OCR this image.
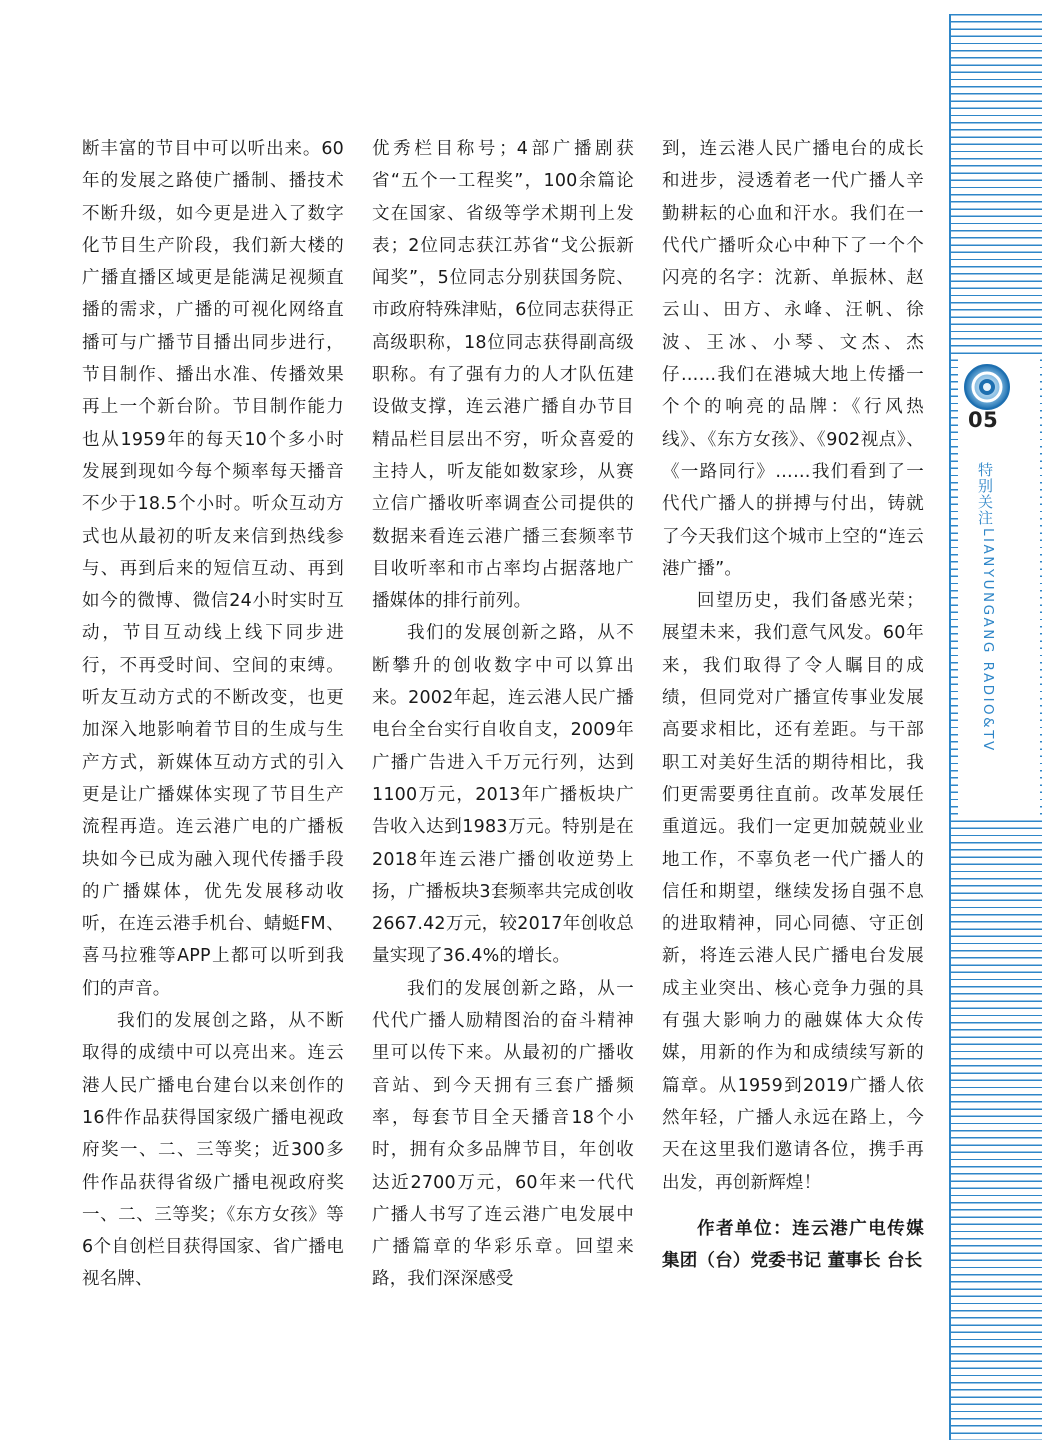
断丰富的节目中可以听出来。60年的发展之路使广播制、播技术不断升级，如今更是进入了数字化节目生产阶段，我们新大楼的广播直播区域更是能满足视频直播的需求，广播的可视化网络直播可与广播节目播出同步进行，节目制作、播出水准、传播效果再上一个新台阶。节目制作能力也从1959年的每天10个多小时发展到现如今每个频率每天播音不少于18.5个小时。听众互动方式也从最初的听友来信到热线参与、再到后来的短信互动、再到如今的微博、微信24小时实时互动，节目互动线上线下同步进行，不再受时间、空间的束缚。听友互动方式的不断改变，也更加深入地影响着节目的生成与生产方式，新媒体互动方式的引入更是让广播媒体实现了节目生产流程再造。连云港广电的广播板块如今已成为融入现代传播手段的广播媒体，优先发展移动收听，在连云港手机台、蜻蜓FM、喜马拉雅等APP上都可以听到我们的声音。

我们的发展创之路，从不断取得的成绩中可以亮出来。连云港人民广播电台建台以来创作的16件作品获得国家级广播电视政府奖一、二、三等奖；近300多件作品获得省级广播电视政府奖一、二、三等奖；《东方女孩》等6个自创栏目获得国家、省广播电视名牌、

优秀栏目称号；4部广播剧获省“五个一工程奖”，100余篇论文在国家、省级等学术期刊上发表；2位同志获江苏省“戈公振新闻奖”，5位同志分别获国务院、市政府特殊津贴，6位同志获得正高级职称，18位同志获得副高级职称。有了强有力的人才队伍建设做支撑，连云港广播自办节目精品栏目层出不穷，听众喜爱的主持人，听友能如数家珍，从赛立信广播收听率调查公司提供的数据来看连云港广播三套频率节目收听率和市占率均占据落地广播媒体的排行前列。

我们的发展创新之路，从不断攀升的创收数字中可以算出来。2002年起，连云港人民广播电台全台实行自收自支，2009年广播广告进入千万元行列，达到1100万元，2013年广播板块广告收入达到1983万元。特别是在2018年连云港广播创收逆势上扬，广播板块3套频率共完成创收2667.42万元，较2017年创收总量实现了36.4%的增长。

我们的发展创新之路，从一代代广播人励精图治的奋斗精神里可以传下来。从最初的广播收音站、到今天拥有三套广播频率，每套节目全天播音18个小时，拥有众多品牌节目，年创收达近2700万元，60年来一代代广播人书写了连云港广电发展中广播篇章的华彩乐章。回望来路，我们深深感受

到，连云港人民广播电台的成长和进步，浸透着老一代广播人辛勤耕耘的心血和汗水。我们在一代代广播听众心中种下了一个个闪亮的名字：沈新、单振林、赵云山、田方、永峰、汪帆、徐波、王冰、小琴、文杰、杰仔……我们在港城大地上传播一个个的响亮的品牌：《行风热线》、《东方女孩》、《902视点》、《一路同行》……我们看到了一代代广播人的拼搏与付出，铸就了今天我们这个城市上空的“连云港广播”。

回望历史，我们备感光荣；展望未来，我们意气风发。60年来，我们取得了令人瞩目的成绩，但同党对广播宣传事业发展高要求相比，还有差距。与干部职工对美好生活的期待相比，我们更需要勇往直前。改革发展任重道远。我们一定更加兢兢业业地工作，不辜负老一代广播人的信任和期望，继续发扬自强不息的进取精神，同心同德、守正创新，将连云港人民广播电台发展成主业突出、核心竞争力强的具有强大影响力的融媒体大众传媒，用新的作为和成绩续写新的篇章。从1959到2019广播人依然年轻，广播人永远在路上，今天在这里我们邀请各位，携手再出发，再创新辉煌！

作者单位：连云港广电传媒集团（台）党委书记 董事长 台长

05
特别关注
LIANYUNGANG RADIO&TV
